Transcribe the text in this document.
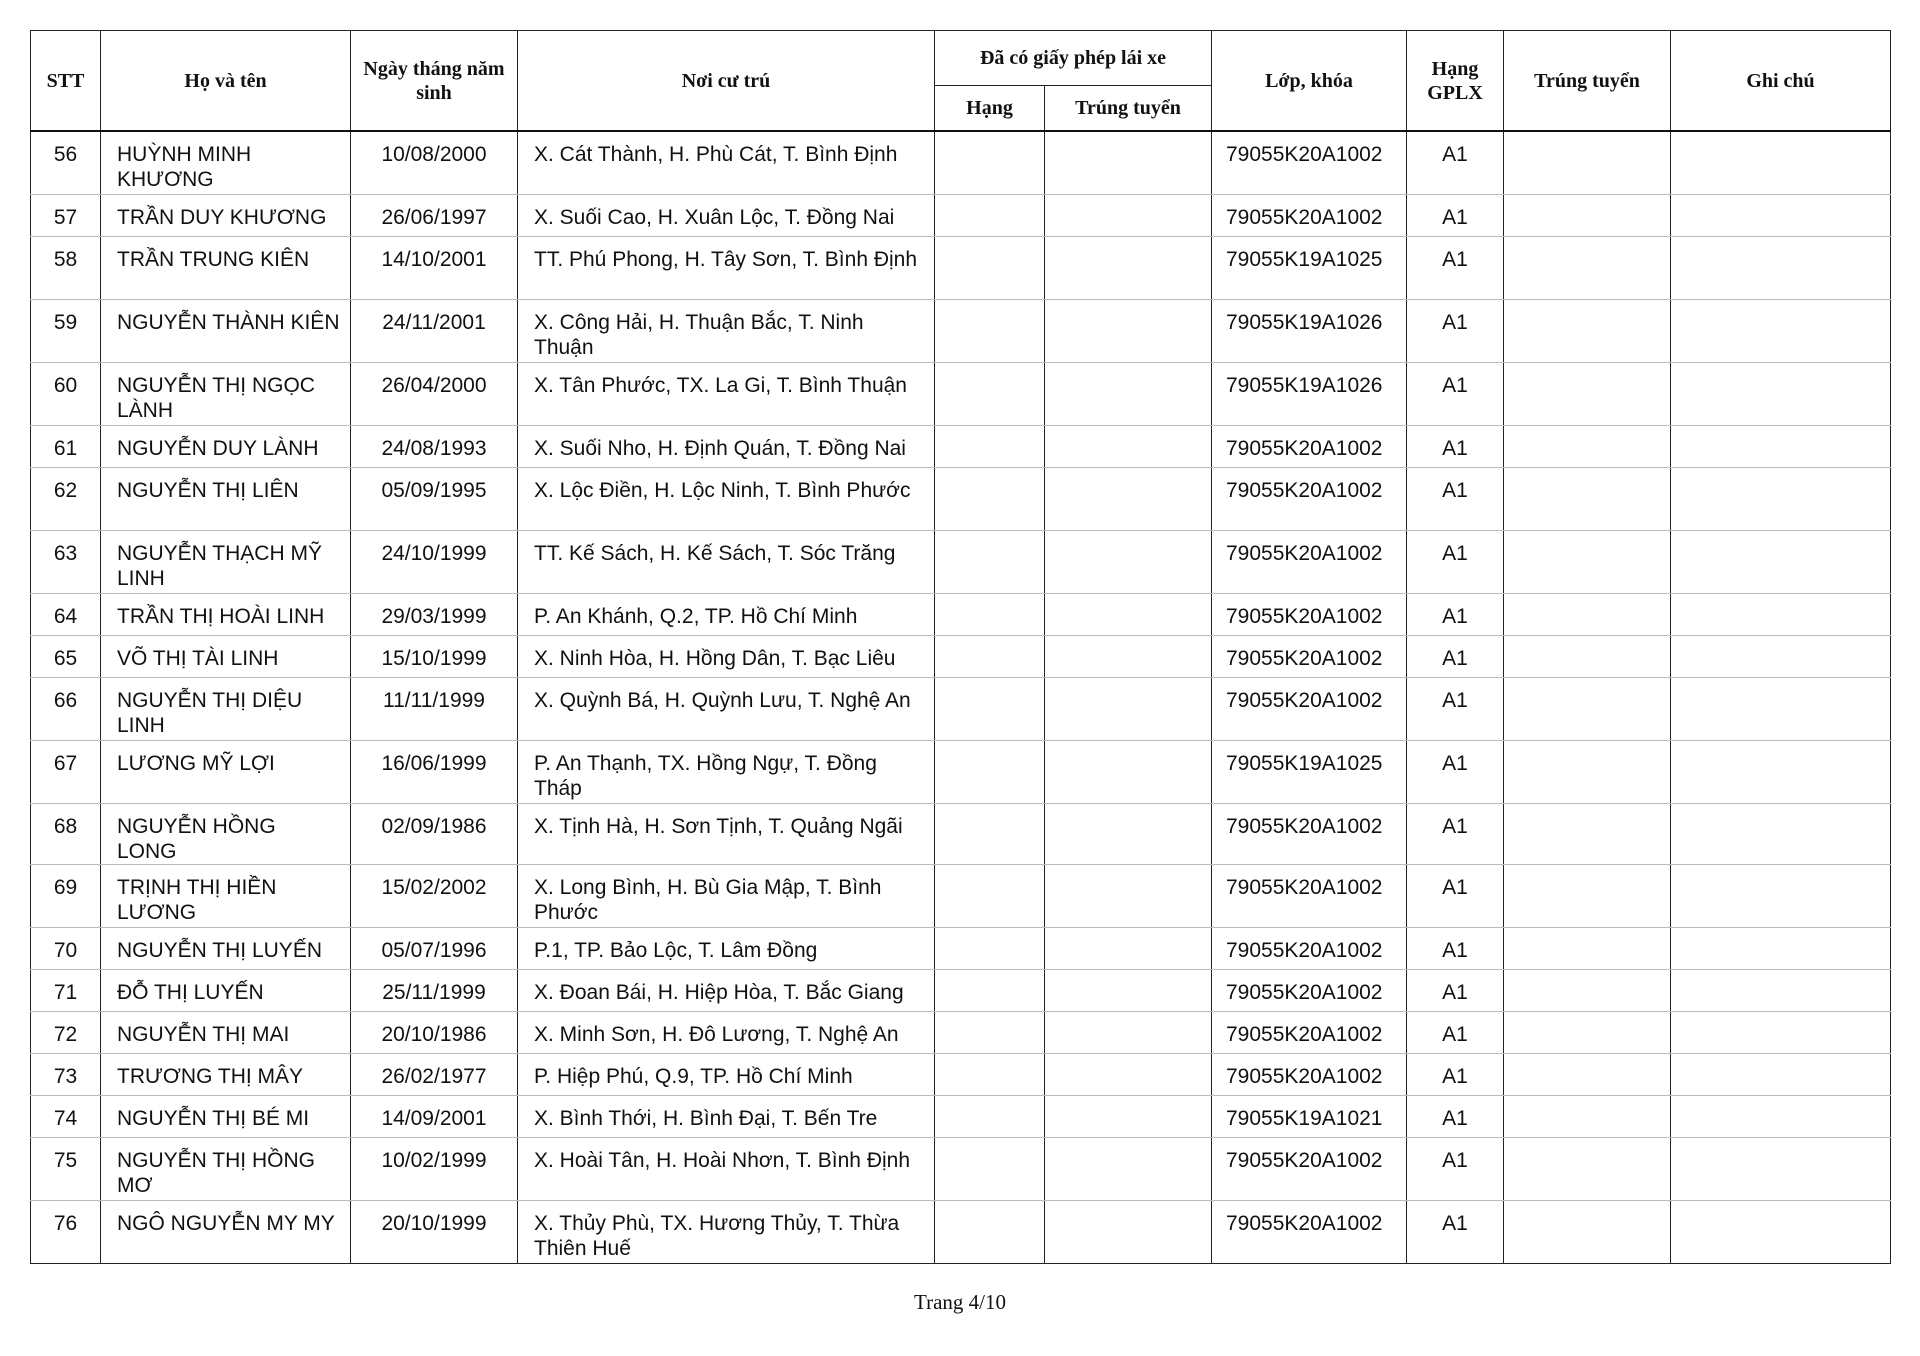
STT	Họ và tên	Ngày tháng năm sinh	Nơi cư trú	Đã có giấy phép lái xe		Lớp, khóa	Hạng GPLX	Trúng tuyển	Ghi chú
				Hạng	Trúng tuyển				
56	HUỲNH MINH KHƯƠNG	10/08/2000	X. Cát Thành, H. Phù Cát, T. Bình Định			79055K20A1002	A1		
57	TRẦN DUY KHƯƠNG	26/06/1997	X. Suối Cao, H. Xuân Lộc, T. Đồng Nai			79055K20A1002	A1		
58	TRẦN TRUNG KIÊN	14/10/2001	TT. Phú Phong, H. Tây Sơn, T. Bình Định			79055K19A1025	A1		
59	NGUYỄN THÀNH KIÊN	24/11/2001	X. Công Hải, H. Thuận Bắc, T. Ninh Thuận			79055K19A1026	A1		
60	NGUYỄN THỊ NGỌC LÀNH	26/04/2000	X. Tân Phước, TX. La Gi, T. Bình Thuận			79055K19A1026	A1		
61	NGUYỄN DUY LÀNH	24/08/1993	X. Suối Nho, H. Định Quán, T. Đồng Nai			79055K20A1002	A1		
62	NGUYỄN THỊ LIÊN	05/09/1995	X. Lộc Điền, H. Lộc Ninh, T. Bình Phước			79055K20A1002	A1		
63	NGUYỄN THẠCH MỸ LINH	24/10/1999	TT. Kế Sách, H. Kế Sách, T. Sóc Trăng			79055K20A1002	A1		
64	TRẦN THỊ HOÀI LINH	29/03/1999	P. An Khánh, Q.2, TP. Hồ Chí Minh			79055K20A1002	A1		
65	VÕ THỊ TÀI LINH	15/10/1999	X. Ninh Hòa, H. Hồng Dân, T. Bạc Liêu			79055K20A1002	A1		
66	NGUYỄN THỊ DIỆU LINH	11/11/1999	X. Quỳnh Bá, H. Quỳnh Lưu, T. Nghệ An			79055K20A1002	A1		
67	LƯƠNG MỸ LỢI	16/06/1999	P. An Thạnh, TX. Hồng Ngự, T. Đồng Tháp			79055K19A1025	A1		
68	NGUYỄN HỒNG LONG	02/09/1986	X. Tịnh Hà, H. Sơn Tịnh, T. Quảng Ngãi			79055K20A1002	A1		
69	TRỊNH THỊ HIỀN LƯƠNG	15/02/2002	X. Long Bình, H. Bù Gia Mập, T. Bình Phước			79055K20A1002	A1		
70	NGUYỄN THỊ LUYẾN	05/07/1996	P.1, TP. Bảo Lộc, T. Lâm Đồng			79055K20A1002	A1		
71	ĐỖ THỊ LUYẾN	25/11/1999	X. Đoan Bái, H. Hiệp Hòa, T. Bắc Giang			79055K20A1002	A1		
72	NGUYỄN THỊ MAI	20/10/1986	X. Minh Sơn, H. Đô Lương, T. Nghệ An			79055K20A1002	A1		
73	TRƯƠNG THỊ MÂY	26/02/1977	P. Hiệp Phú, Q.9, TP. Hồ Chí Minh			79055K20A1002	A1		
74	NGUYỄN THỊ BÉ MI	14/09/2001	X. Bình Thới, H. Bình Đại, T. Bến Tre			79055K19A1021	A1		
75	NGUYỄN THỊ HỒNG MƠ	10/02/1999	X. Hoài Tân, H. Hoài Nhơn, T. Bình Định			79055K20A1002	A1		
76	NGÔ NGUYỄN MY MY	20/10/1999	X. Thủy Phù, TX. Hương Thủy, T. Thừa Thiên Huế			79055K20A1002	A1		
Trang 4/10
